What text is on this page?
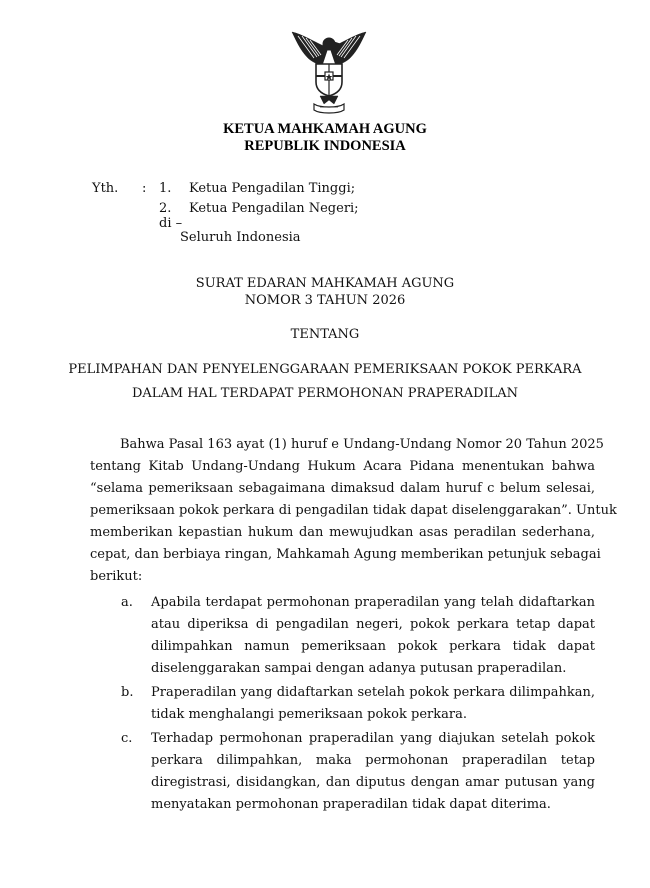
KETUA MAHKAMAH AGUNG
REPUBLIK INDONESIA
Yth. : 1. Ketua Pengadilan Tinggi;
2. Ketua Pengadilan Negeri;
di –
Seluruh Indonesia
SURAT EDARAN MAHKAMAH AGUNG
NOMOR 3 TAHUN 2026
TENTANG
PELIMPAHAN DAN PENYELENGGARAAN PEMERIKSAAN POKOK PERKARA
DALAM HAL TERDAPAT PERMOHONAN PRAPERADILAN
Bahwa Pasal 163 ayat (1) huruf e Undang-Undang Nomor 20 Tahun 2025
tentang Kitab Undang-Undang Hukum Acara Pidana menentukan bahwa
“selama pemeriksaan sebagaimana dimaksud dalam huruf c belum selesai,
pemeriksaan pokok perkara di pengadilan tidak dapat diselenggarakan”. Untuk
memberikan kepastian hukum dan mewujudkan asas peradilan sederhana,
cepat, dan berbiaya ringan, Mahkamah Agung memberikan petunjuk sebagai
berikut:
a. Apabila terdapat permohonan praperadilan yang telah didaftarkan
atau diperiksa di pengadilan negeri, pokok perkara tetap dapat
dilimpahkan namun pemeriksaan pokok perkara tidak dapat
diselenggarakan sampai dengan adanya putusan praperadilan.
b. Praperadilan yang didaftarkan setelah pokok perkara dilimpahkan,
tidak menghalangi pemeriksaan pokok perkara.
c. Terhadap permohonan praperadilan yang diajukan setelah pokok
perkara dilimpahkan, maka permohonan praperadilan tetap
diregistrasi, disidangkan, dan diputus dengan amar putusan yang
menyatakan permohonan praperadilan tidak dapat diterima.
